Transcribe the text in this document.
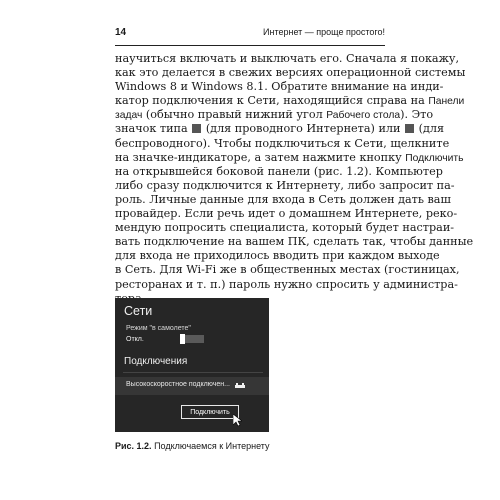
14	Интернет — проще простого!
научиться включать и выключать его. Сначала я покажу,
как это делается в свежих версиях операционной системы
Windows 8 и Windows 8.1. Обратите внимание на инди-
катор подключения к Сети, находящийся справа на Панели
задач (обычно правый нижний угол Рабочего стола). Это
значок типа (для проводного Интернета) или (для
беспроводного). Чтобы подключиться к Сети, щелкните
на значке-индикаторе, а затем нажмите кнопку Подключить
на открывшейся боковой панели (рис. 1.2). Компьютер
либо сразу подключится к Интернету, либо запросит па-
роль. Личные данные для входа в Сеть должен дать ваш
провайдер. Если речь идет о домашнем Интернете, реко-
мендую попросить специалиста, который будет настраи-
вать подключение на вашем ПК, сделать так, чтобы данные
для входа не приходилось вводить при каждом выходе
в Сеть. Для Wi-Fi же в общественных местах (гостиницах,
ресторанах и т. п.) пароль нужно спросить у администра-
Сети
Режим "в самолете"
Откл.
Подключения
Высокоскоростное подключен...
Подключить
Рис. 1.2. Подключаемся к Интернету
